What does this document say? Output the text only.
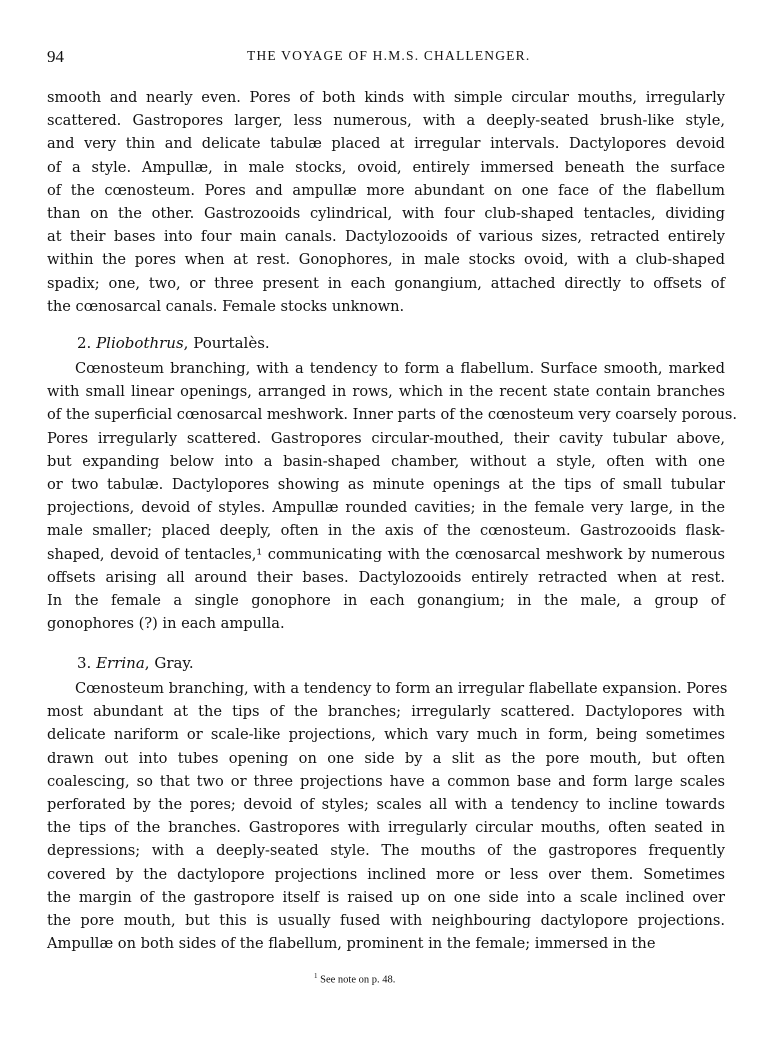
94	THE VOYAGE OF H.M.S. CHALLENGER.
smooth and nearly even. Pores of both kinds with simple circular mouths, irregularly
scattered. Gastropores larger, less numerous, with a deeply-seated brush-like style,
and very thin and delicate tabulæ placed at irregular intervals. Dactylopores devoid
of a style. Ampullæ, in male stocks, ovoid, entirely immersed beneath the surface
of the cœnosteum. Pores and ampullæ more abundant on one face of the flabellum
than on the other. Gastrozooids cylindrical, with four club-shaped tentacles, dividing
at their bases into four main canals. Dactylozooids of various sizes, retracted entirely
within the pores when at rest. Gonophores, in male stocks ovoid, with a club-shaped
spadix; one, two, or three present in each gonangium, attached directly to offsets of
the cœnosarcal canals. Female stocks unknown.
2. Pliobothrus, Pourtalès.
Cœnosteum branching, with a tendency to form a flabellum. Surface smooth, marked
with small linear openings, arranged in rows, which in the recent state contain branches
of the superficial cœnosarcal meshwork. Inner parts of the cœnosteum very coarsely porous.
Pores irregularly scattered. Gastropores circular-mouthed, their cavity tubular above,
but expanding below into a basin-shaped chamber, without a style, often with one
or two tabulæ. Dactylopores showing as minute openings at the tips of small tubular
projections, devoid of styles. Ampullæ rounded cavities; in the female very large, in the
male smaller; placed deeply, often in the axis of the cœnosteum. Gastrozooids flask-
shaped, devoid of tentacles,¹ communicating with the cœnosarcal meshwork by numerous
offsets arising all around their bases. Dactylozooids entirely retracted when at rest.
In the female a single gonophore in each gonangium; in the male, a group of
gonophores (?) in each ampulla.
3. Errina, Gray.
Cœnosteum branching, with a tendency to form an irregular flabellate expansion. Pores
most abundant at the tips of the branches; irregularly scattered. Dactylopores with
delicate nariform or scale-like projections, which vary much in form, being sometimes
drawn out into tubes opening on one side by a slit as the pore mouth, but often
coalescing, so that two or three projections have a common base and form large scales
perforated by the pores; devoid of styles; scales all with a tendency to incline towards
the tips of the branches. Gastropores with irregularly circular mouths, often seated in
depressions; with a deeply-seated style. The mouths of the gastropores frequently
covered by the dactylopore projections inclined more or less over them. Sometimes
the margin of the gastropore itself is raised up on one side into a scale inclined over
the pore mouth, but this is usually fused with neighbouring dactylopore projections.
Ampullæ on both sides of the flabellum, prominent in the female; immersed in the
$^1$ See note on p. 48.
